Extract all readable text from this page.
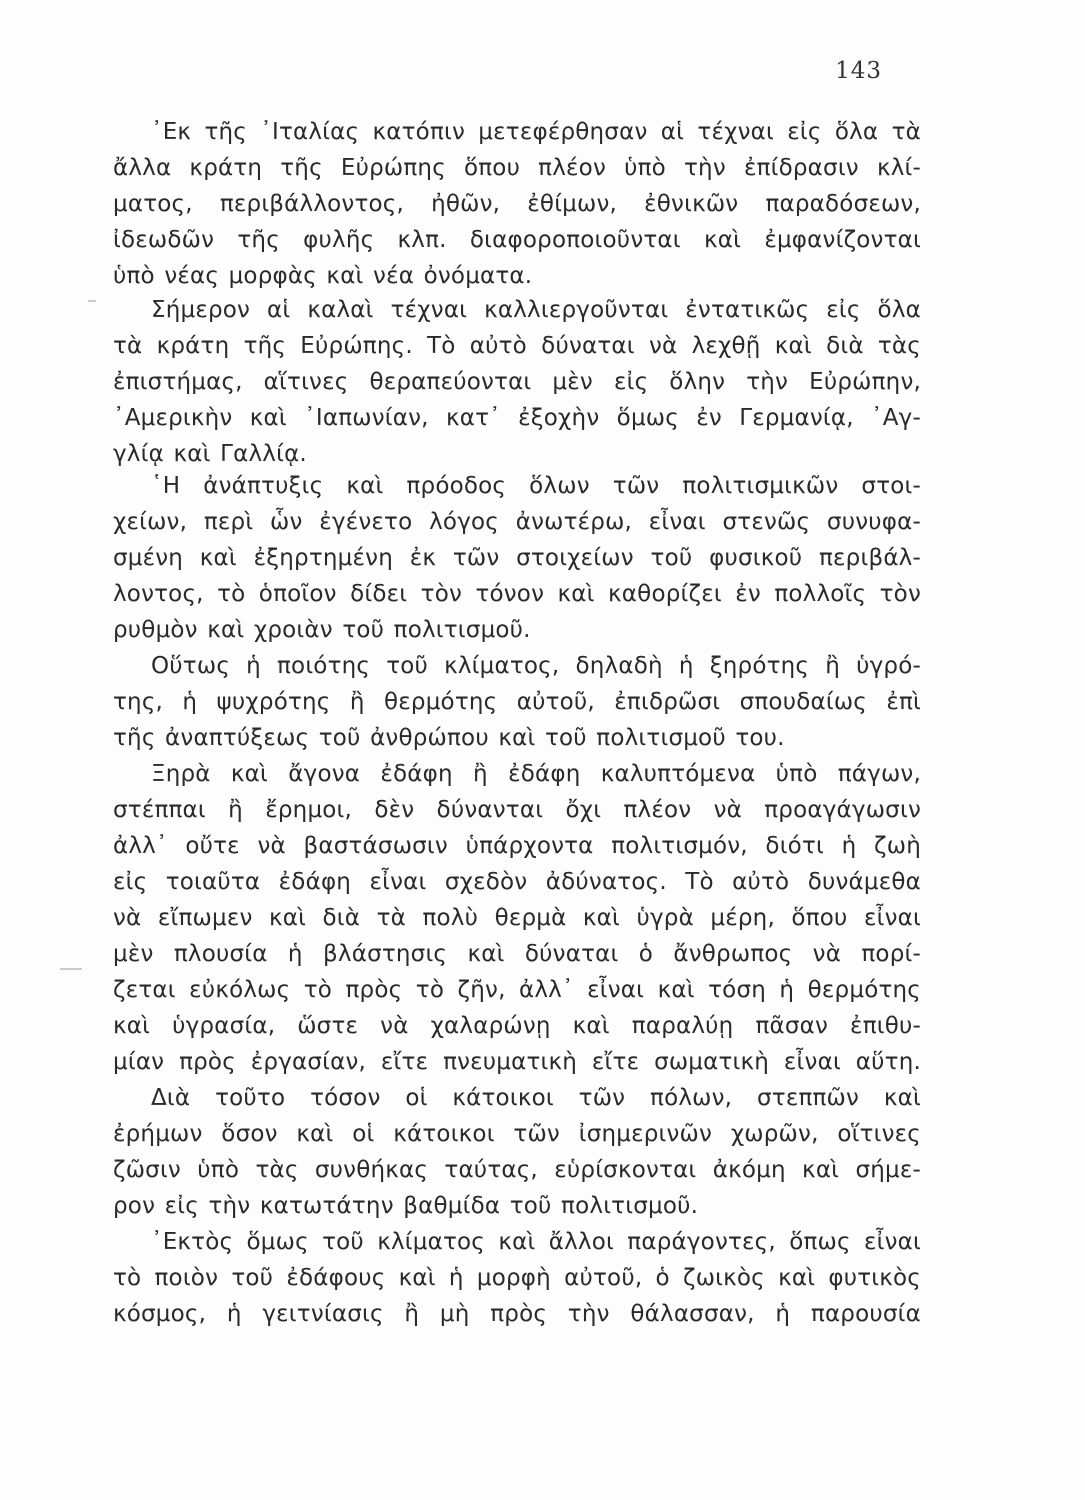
143
᾿Εκ τῆς ᾿Ιταλίας κατόπιν μετεφέρθησαν αἱ τέχναι εἰς ὅλα τὰ
ἄλλα κράτη τῆς Εὐρώπης ὅπου πλέον ὑπὸ τὴν ἐπίδρασιν κλί-
ματος, περιβάλλοντος, ἠθῶν, ἐθίμων, ἐθνικῶν παραδόσεων,
ἰδεωδῶν τῆς φυλῆς κλπ. διαφοροποιοῦνται καὶ ἐμφανίζονται
ὑπὸ νέας μορφὰς καὶ νέα ὀνόματα.
Σήμερον αἱ καλαὶ τέχναι καλλιεργοῦνται ἐντατικῶς εἰς ὅλα
τὰ κράτη τῆς Εὐρώπης. Τὸ αὐτὸ δύναται νὰ λεχθῇ καὶ διὰ τὰς
ἐπιστήμας, αἵτινες θεραπεύονται μὲν εἰς ὅλην τὴν Εὐρώπην,
᾿Αμερικὴν καὶ ᾿Ιαπωνίαν, κατ᾿ ἐξοχὴν ὅμως ἐν Γερμανίᾳ, ᾿Αγ-
γλίᾳ καὶ Γαλλίᾳ.
῾Η ἀνάπτυξις καὶ πρόοδος ὅλων τῶν πολιτισμικῶν στοι-
χείων, περὶ ὧν ἐγένετο λόγος ἀνωτέρω, εἶναι στενῶς συνυφα-
σμένη καὶ ἐξηρτημένη ἐκ τῶν στοιχείων τοῦ φυσικοῦ περιβάλ-
λοντος, τὸ ὁποῖον δίδει τὸν τόνον καὶ καθορίζει ἐν πολλοῖς τὸν
ρυθμὸν καὶ χροιὰν τοῦ πολιτισμοῦ.
Οὕτως ἡ ποιότης τοῦ κλίματος, δηλαδὴ ἡ ξηρότης ἢ ὑγρό-
της, ἡ ψυχρότης ἢ θερμότης αὐτοῦ, ἐπιδρῶσι σπουδαίως ἐπὶ
τῆς ἀναπτύξεως τοῦ ἀνθρώπου καὶ τοῦ πολιτισμοῦ του.
Ξηρὰ καὶ ἄγονα ἐδάφη ἢ ἐδάφη καλυπτόμενα ὑπὸ πάγων,
στέππαι ἢ ἔρημοι, δὲν δύνανται ὄχι πλέον νὰ προαγάγωσιν
ἀλλ᾿ οὔτε νὰ βαστάσωσιν ὑπάρχοντα πολιτισμόν, διότι ἡ ζωὴ
εἰς τοιαῦτα ἐδάφη εἶναι σχεδὸν ἀδύνατος. Τὸ αὐτὸ δυνάμεθα
νὰ εἴπωμεν καὶ διὰ τὰ πολὺ θερμὰ καὶ ὑγρὰ μέρη, ὅπου εἶναι
μὲν πλουσία ἡ βλάστησις καὶ δύναται ὁ ἄνθρωπος νὰ πορί-
ζεται εὐκόλως τὸ πρὸς τὸ ζῆν, ἀλλ᾿ εἶναι καὶ τόση ἡ θερμότης
καὶ ὑγρασία, ὥστε νὰ χαλαρώνῃ καὶ παραλύῃ πᾶσαν ἐπιθυ-
μίαν πρὸς ἐργασίαν, εἴτε πνευματικὴ εἴτε σωματικὴ εἶναι αὕτη.
Διὰ τοῦτο τόσον οἱ κάτοικοι τῶν πόλων, στεππῶν καὶ
ἐρήμων ὅσον καὶ οἱ κάτοικοι τῶν ἰσημερινῶν χωρῶν, οἵτινες
ζῶσιν ὑπὸ τὰς συνθήκας ταύτας, εὑρίσκονται ἀκόμη καὶ σήμε-
ρον εἰς τὴν κατωτάτην βαθμίδα τοῦ πολιτισμοῦ.
᾿Εκτὸς ὅμως τοῦ κλίματος καὶ ἄλλοι παράγοντες, ὅπως εἶναι
τὸ ποιὸν τοῦ ἐδάφους καὶ ἡ μορφὴ αὐτοῦ, ὁ ζωικὸς καὶ φυτικὸς
κόσμος, ἡ γειτνίασις ἢ μὴ πρὸς τὴν θάλασσαν, ἡ παρουσία
